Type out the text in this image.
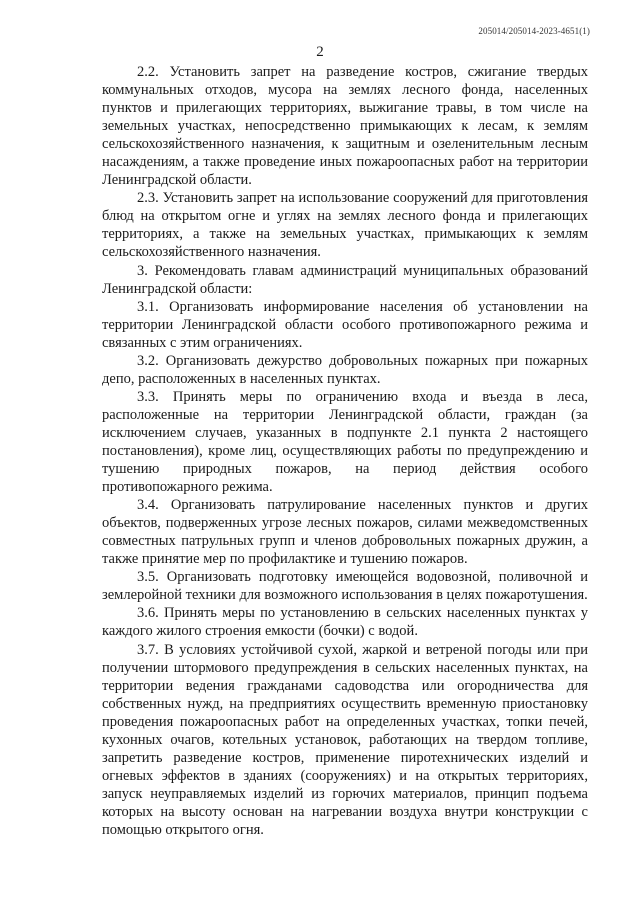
205014/205014-2023-4651(1)
2

2.2. Установить запрет на разведение костров, сжигание твердых коммунальных отходов, мусора на землях лесного фонда, населенных пунктов и прилегающих территориях, выжигание травы, в том числе на земельных участках, непосредственно примыкающих к лесам, к землям сельскохозяйственного назначения, к защитным и озеленительным лесным насаждениям, а также проведение иных пожароопасных работ на территории Ленинградской области.

2.3. Установить запрет на использование сооружений для приготовления блюд на открытом огне и углях на землях лесного фонда и прилегающих территориях, а также на земельных участках, примыкающих к землям сельскохозяйственного назначения.

3. Рекомендовать главам администраций муниципальных образований Ленинградской области:

3.1. Организовать информирование населения об установлении на территории Ленинградской области особого противопожарного режима и связанных с этим ограничениях.

3.2. Организовать дежурство добровольных пожарных при пожарных депо, расположенных в населенных пунктах.

3.3. Принять меры по ограничению входа и въезда в леса, расположенные на территории Ленинградской области, граждан (за исключением случаев, указанных в подпункте 2.1 пункта 2 настоящего постановления), кроме лиц, осуществляющих работы по предупреждению и тушению природных пожаров, на период действия особого противопожарного режима.

3.4. Организовать патрулирование населенных пунктов и других объектов, подверженных угрозе лесных пожаров, силами межведомственных совместных патрульных групп и членов добровольных пожарных дружин, а также принятие мер по профилактике и тушению пожаров.

3.5. Организовать подготовку имеющейся водовозной, поливочной и землеройной техники для возможного использования в целях пожаротушения.

3.6. Принять меры по установлению в сельских населенных пунктах у каждого жилого строения емкости (бочки) с водой.

3.7. В условиях устойчивой сухой, жаркой и ветреной погоды или при получении штормового предупреждения в сельских населенных пунктах, на территории ведения гражданами садоводства или огородничества для собственных нужд, на предприятиях осуществить временную приостановку проведения пожароопасных работ на определенных участках, топки печей, кухонных очагов, котельных установок, работающих на твердом топливе, запретить разведение костров, применение пиротехнических изделий и огневых эффектов в зданиях (сооружениях) и на открытых территориях, запуск неуправляемых изделий из горючих материалов, принцип подъема которых на высоту основан на нагревании воздуха внутри конструкции с помощью открытого огня.
